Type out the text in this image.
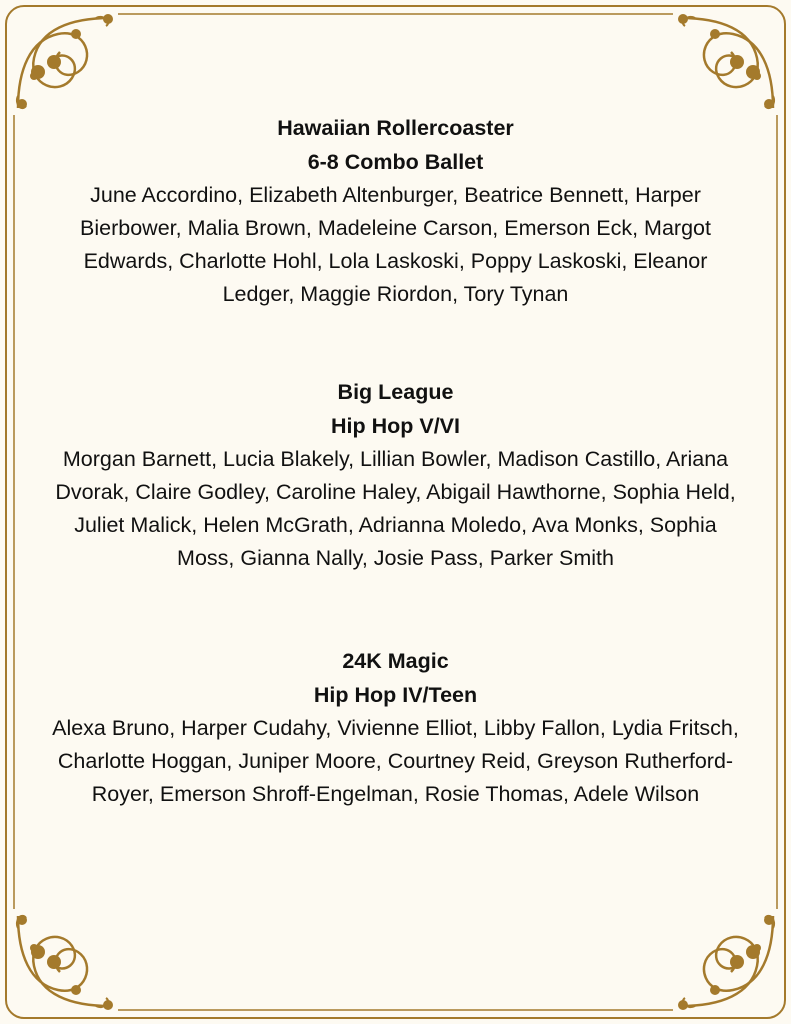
Hawaiian Rollercoaster

6-8 Combo Ballet

June Accordino, Elizabeth Altenburger, Beatrice Bennett, Harper Bierbower, Malia Brown, Madeleine Carson, Emerson Eck, Margot Edwards, Charlotte Hohl, Lola Laskoski, Poppy Laskoski, Eleanor Ledger, Maggie Riordon, Tory Tynan

Big League

Hip Hop V/VI

Morgan Barnett, Lucia Blakely, Lillian Bowler, Madison Castillo, Ariana Dvorak, Claire Godley, Caroline Haley, Abigail Hawthorne, Sophia Held, Juliet Malick, Helen McGrath, Adrianna Moledo, Ava Monks, Sophia Moss, Gianna Nally, Josie Pass, Parker Smith

24K Magic

Hip Hop IV/Teen

Alexa Bruno, Harper Cudahy, Vivienne Elliot, Libby Fallon, Lydia Fritsch, Charlotte Hoggan, Juniper Moore, Courtney Reid, Greyson Rutherford-Royer, Emerson Shroff-Engelman, Rosie Thomas, Adele Wilson
